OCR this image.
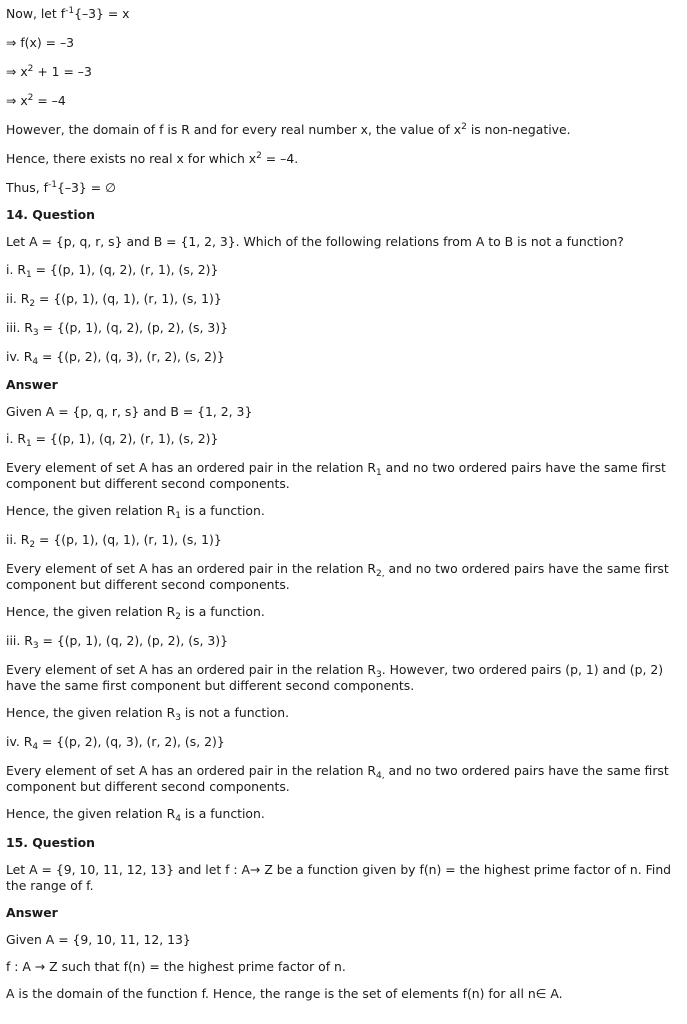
Now, let $f^{-1}\{-3\} = x$

⇒ f(x) = –3

⇒ $x^2 + 1 = -3$

⇒ $x^2 = -4$

However, the domain of f is R and for every real number x, the value of $x^2$ is non-negative.

Hence, there exists no real x for which $x^2 = -4$.

Thus, $f^{-1}\{-3\}$ = ∅

14. Question

Let A = {p, q, r, s} and B = {1, 2, 3}. Which of the following relations from A to B is not a function?

i. $R_1 = \{(p$, 1), (q, 2), (r, 1), (s, 2)}

ii. $R_2 = \{(p$, 1), (q, 1), (r, 1), (s, 1)}

iii. $R_3 = \{(p$, 1), (q, 2), (p, 2), (s, 3)}

iv. $R_4 = \{(p$, 2), (q, 3), (r, 2), (s, 2)}

Answer

Given A = {p, q, r, s} and B = {1, 2, 3}

i. $R_1 = \{(p$, 1), (q, 2), (r, 1), (s, 2)}

Every element of set A has an ordered pair in the relation $R_1$ and no two ordered pairs have the same first component but different second components.

Hence, the given relation $R_1$ is a function.

ii. $R_2 = \{(p$, 1), (q, 1), (r, 1), (s, 1)}

Every element of set A has an ordered pair in the relation $R_{2,}$ and no two ordered pairs have the same first component but different second components.

Hence, the given relation $R_2$ is a function.

iii. $R_3 = \{(p$, 1), (q, 2), (p, 2), (s, 3)}

Every element of set A has an ordered pair in the relation $R_3$. However, two ordered pairs (p, 1) and (p, 2) have the same first component but different second components.

Hence, the given relation $R_3$ is not a function.

iv. $R_4 = \{(p$, 2), (q, 3), (r, 2), (s, 2)}

Every element of set A has an ordered pair in the relation $R_{4,}$ and no two ordered pairs have the same first component but different second components.

Hence, the given relation $R_4$ is a function.

15. Question

Let A = {9, 10, 11, 12, 13} and let f : A→ Z be a function given by f(n) = the highest prime factor of n. Find the range of f.

Answer

Given A = {9, 10, 11, 12, 13}

f : A → Z such that f(n) = the highest prime factor of n.

A is the domain of the function f. Hence, the range is the set of elements f(n) for all n∈ A.
